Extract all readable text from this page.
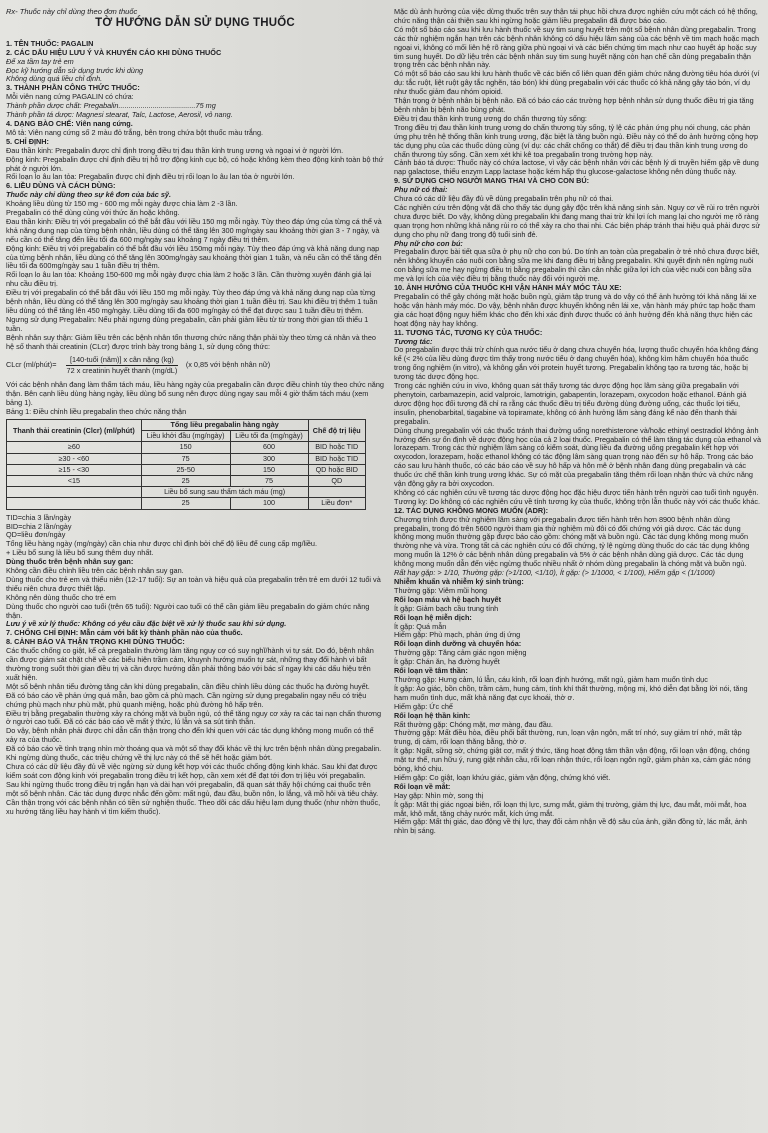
Rx- Thuốc này chỉ dùng theo đơn thuốc

TỜ HƯỚNG DẪN SỬ DỤNG THUỐC

1. TÊN THUỐC: PAGALIN

2. CÁC DẤU HIỆU LƯU Ý VÀ KHUYẾN CÁO KHI DÙNG THUỐC

Để xa tầm tay trẻ em

Đọc kỹ hướng dẫn sử dụng trước khi dùng

Không dùng quá liều chỉ định.

3. THÀNH PHẦN CÔNG THỨC THUỐC:

Mỗi viên nang cứng PAGALIN có chứa:

Thành phần dược chất: Pregabalin......................................75 mg

Thành phần tá dược: Magnesi stearat, Talc, Lactose, Aerosil, vỏ nang.

4. DẠNG BÀO CHẾ: Viên nang cứng.

Mô tả: Viên nang cứng số 2 màu đỏ trắng, bên trong chứa bột thuốc màu trắng.

5. CHỈ ĐỊNH:

Đau thần kinh: Pregabalin được chỉ định trong điều trị đau thần kinh trung ương và ngoại vi ở người lớn.

Động kinh: Pregabalin được chỉ định điều trị hỗ trợ động kinh cục bộ, có hoặc không kèm theo động kinh toàn bộ thứ phát ở người lớn.

Rối loạn lo âu lan tỏa: Pregabalin được chỉ định điều trị rối loạn lo âu lan tỏa ở người lớn.

6. LIỀU DÙNG VÀ CÁCH DÙNG:

Thuốc này chỉ dùng theo sự kê đơn của bác sỹ.

Khoảng liều dùng từ 150 mg - 600 mg mỗi ngày được chia làm 2 -3 lần.

Pregabalin có thể dùng cùng với thức ăn hoặc không.

Đau thần kinh: Điều trị với pregabalin có thể bắt đầu với liều 150 mg mỗi ngày. Tùy theo đáp ứng của từng cá thể và khả năng dung nạp của từng bệnh nhân, liều dùng có thể tăng lên 300 mg/ngày sau khoảng thời gian 3 - 7 ngày, và nếu cần có thể tăng đến liều tối đa 600 mg/ngày sau khoảng 7 ngày điều trị thêm.

Động kinh: Điều trị với pregabalin có thể bắt đầu với liều 150mg mỗi ngày. Tùy theo đáp ứng và khả năng dung nạp của từng bệnh nhân, liều dùng có thể tăng lên 300mg/ngày sau khoảng thời gian 1 tuần, và nếu cần có thể tăng đến liều tối đa 600mg/ngày sau 1 tuần điều trị thêm.

Rối loạn lo âu lan tỏa: Khoảng 150-600 mg mỗi ngày được chia làm 2 hoặc 3 lần. Cần thường xuyên đánh giá lại nhu cầu điều trị.

Điều trị với pregabalin có thể bắt đầu với liều 150 mg mỗi ngày. Tùy theo đáp ứng và khả năng dung nạp của từng bệnh nhân, liều dùng có thể tăng lên 300 mg/ngày sau khoảng thời gian 1 tuần điều trị. Sau khi điều trị thêm 1 tuần liều dùng có thể tăng lên 450 mg/ngày. Liều dùng tối đa 600 mg/ngày có thể đạt được sau 1 tuần điều trị thêm.

Ngưng sử dụng Pregabalin: Nếu phải ngưng dùng pregabalin, cần phải giảm liều từ từ trong thời gian tối thiểu 1 tuần.

Bệnh nhân suy thận: Giảm liều trên các bệnh nhân tổn thương chức năng thận phải tùy theo từng cá nhân và theo hệ số thanh thải creatinin (CLcr) được trình bày trong bảng 1, sử dụng công thức:

CLcr (ml/phút)=	$\frac{\text{[140-tuổi (năm)] x cân nặng (kg)}}{\text{72 x creatinin huyết thanh (mg/dL)}} (x$ 0,85 với bệnh nhân nữ)

Với các bệnh nhân đang làm thẩm tách máu, liều hàng ngày của pregabalin cần được điều chỉnh tùy theo chức năng thận. Bên cạnh liều dùng hàng ngày, liều dùng bổ sung nên được dùng ngay sau mỗi 4 giờ thẩm tách máu (xem bảng 1).

Bảng 1: Điều chỉnh liều pregabalin theo chức năng thận

Thanh thải creatinin (Clcr) (ml/phút)	Tổng liều pregabalin hàng ngày		Chế độ trị liệu
	Liều khởi đầu (mg/ngày)	Liều tối đa (mg/ngày)	
≥60	150	600	BID hoặc TID
≥30 - <60	75	300	BID hoặc TID
≥15 - <30	25-50	150	QD hoặc BID
<15	25	75	QD
	Liều bổ sung sau thẩm tách máu (mg)		
	25	100	Liều đơn*

TID=chia 3 lần/ngày

BID=chia 2 lần/ngày

QD=liều đơn/ngày

Tổng liều hàng ngày (mg/ngày) cần chia như được chỉ định bởi chế độ liều để cung cấp mg/liều.

+ Liều bổ sung là liều bổ sung thêm duy nhất.

Dùng thuốc trên bệnh nhân suy gan:

Không cần điều chỉnh liều trên các bệnh nhân suy gan.

Dùng thuốc cho trẻ em và thiếu niên (12-17 tuổi): Sự an toàn và hiệu quả của pregabalin trên trẻ em dưới 12 tuổi và thiếu niên chưa được thiết lập.

Không nên dùng thuốc cho trẻ em

Dùng thuốc cho người cao tuổi (trên 65 tuổi): Người cao tuổi có thể cần giảm liều pregabalin do giảm chức năng thận.

Lưu ý về xử lý thuốc: Không có yêu cầu đặc biệt về xử lý thuốc sau khi sử dụng.

7. CHỐNG CHỈ ĐỊNH: Mẫn cảm với bất kỳ thành phần nào của thuốc.

8. CẢNH BÁO VÀ THẬN TRỌNG KHI DÙNG THUỐC:

Các thuốc chống co giật, kể cả pregabalin thường làm tăng nguy cơ có suy nghĩ/hành vi tự sát. Do đó, bệnh nhân cần được giám sát chặt chẽ về các biểu hiện trầm cảm, khuynh hướng muốn tự sát, những thay đổi hành vi bất thường trong suốt thời gian điều trị và cần được hướng dẫn phải thông báo với bác sĩ ngay khi các dấu hiệu trên xuất hiện.

Một số bệnh nhân tiểu đường tăng cân khi dùng pregabalin, cần điều chỉnh liều dùng các thuốc hạ đường huyết.

Đã có báo cáo về phản ứng quá mẫn, bao gồm cả phù mạch. Cần ngừng sử dụng pregabalin ngay nếu có triệu chứng phù mạch như phù mặt, phù quanh miệng, hoặc phù đường hô hấp trên.

Điều trị bằng pregabalin thường xảy ra chóng mặt và buồn ngủ, có thể tăng nguy cơ xảy ra các tai nạn chấn thương ở người cao tuổi. Đã có các báo cáo về mất ý thức, lú lẫn và sa sút tinh thần.

Do vậy, bệnh nhân phải được chỉ dẫn cẩn thận trọng cho đến khi quen với các tác dụng không mong muốn có thể xảy ra của thuốc.

Đã có báo cáo về tình trạng nhìn mờ thoáng qua và một số thay đổi khác về thị lực trên bệnh nhân dùng pregabalin. Khi ngừng dùng thuốc, các triệu chứng về thị lực này có thể sẽ hết hoặc giảm bớt.

Chưa có các dữ liệu đầy đủ về việc ngừng sử dụng kết hợp với các thuốc chống động kinh khác. Sau khi đạt được kiểm soát cơn động kinh với pregabalin trong điều trị kết hợp, cần xem xét để đạt tới đơn trị liệu với pregabalin.

Sau khi ngừng thuốc trong điều trị ngắn hạn và dài hạn với pregabalin, đã quan sát thấy hội chứng cai thuốc trên một số bệnh nhân. Các tác dụng được nhắc đến gồm: mất ngủ, đau đầu, buồn nôn, lo lắng, vã mồ hôi và tiêu chảy.

Cần thận trọng với các bệnh nhân có tiền sử nghiện thuốc. Theo dõi các dấu hiệu lạm dụng thuốc (như nhờn thuốc, xu hướng tăng liều hay hành vi tìm kiếm thuốc).

Mặc dù ảnh hưởng của việc dừng thuốc trên suy thận tái phục hồi chưa được nghiên cứu một cách có hệ thống, chức năng thận cải thiện sau khi ngừng hoặc giảm liều pregabalin đã được báo cáo.

Có một số báo cáo sau khi lưu hành thuốc về suy tim sung huyết trên một số bệnh nhân dùng pregabalin. Trong các thử nghiệm ngắn hạn trên các bệnh nhân không có dấu hiệu lâm sàng của các bệnh về tim mạch hoặc mạch ngoại vi, không có mối liên hệ rõ ràng giữa phù ngoại vi và các biến chứng tim mạch như cao huyết áp hoặc suy tim sung huyết. Do dữ liệu trên các bệnh nhân suy tim sung huyết nặng còn hạn chế cần dùng pregabalin thận trọng trên các bệnh nhân này.

Có một số báo cáo sau khi lưu hành thuốc về các biến cố liên quan đến giảm chức năng đường tiêu hóa dưới (ví dụ: tắc ruột, liệt ruột gây tắc nghẽn, táo bón) khi dùng pregabalin với các thuốc có khả năng gây táo bón, ví dụ như thuốc giảm đau nhóm opioid.

Thận trọng ở bệnh nhân bị bệnh não. Đã có báo cáo các trường hợp bệnh nhân sử dụng thuốc điều trị gia tăng bệnh nhân bị bệnh não bùng phát.

Điều trị đau thần kinh trung ương do chấn thương tủy sống:

Trong điều trị đau thần kinh trung ương do chấn thương tủy sống, tỷ lệ các phản ứng phụ nói chung, các phản ứng phụ trên hệ thống thần kinh trung ương, đặc biệt là tăng buồn ngủ. Điều này có thể do ảnh hưởng cộng hợp tác dụng phụ của các thuốc dùng cùng (ví dụ: các chất chống co thắt) để điều trị đau thần kinh trung ương do chấn thương tủy sống. Cần xem xét khi kê toa pregabalin trong trường hợp này.

Cảnh báo tá dược: Thuốc này có chứa lactose, vì vậy các bệnh nhân với các bệnh lý di truyền hiếm gặp về dung nạp galactose, thiếu enzym Lapp lactase hoặc kém hấp thu glucose-galactose không nên dùng thuốc này.

9. SỬ DỤNG CHO NGƯỜI MANG THAI VÀ CHO CON BÚ:

Phụ nữ có thai:

Chưa có các dữ liệu đầy đủ về dùng pregabalin trên phụ nữ có thai.

Các nghiên cứu trên động vật đã cho thấy tác dụng gây độc trên khả năng sinh sản. Nguy cơ về rủi ro trên người chưa được biết. Do vậy, không dùng pregabalin khi đang mang thai trừ khi lợi ích mang lại cho người mẹ rõ ràng quan trọng hơn những khả năng rủi ro có thể xảy ra cho thai nhi. Các biện pháp tránh thai hiệu quả phải được sử dụng cho phụ nữ đang trong độ tuổi sinh đẻ.

Phụ nữ cho con bú:

Pregabalin được bài tiết qua sữa ở phụ nữ cho con bú. Do tính an toàn của pregabalin ở trẻ nhỏ chưa được biết, nên không khuyến cáo nuôi con bằng sữa mẹ khi đang điều trị bằng pregabalin. Khi quyết định nên ngừng nuôi con bằng sữa mẹ hay ngừng điều trị bằng pregabalin thì cần cân nhắc giữa lợi ích của việc nuôi con bằng sữa mẹ và lợi ích của việc điều trị bằng thuốc này đối với người mẹ.

10. ẢNH HƯỞNG CỦA THUỐC KHI VẬN HÀNH MÁY MÓC TÀU XE:

Pregabalin có thể gây chóng mặt hoặc buồn ngủ, giảm tập trung và do vậy có thể ảnh hưởng tới khả năng lái xe hoặc vận hành máy móc. Do vậy, bệnh nhân được khuyến không nên lái xe, vận hành máy phức tạp hoặc tham gia các hoạt động nguy hiểm khác cho đến khi xác định được thuốc có ảnh hưởng đến khả năng thực hiện các hoạt động này hay không.

11. TƯƠNG TÁC, TƯƠNG KỴ CỦA THUỐC:

Tương tác:

Do pregabalin được thải trừ chính qua nước tiểu ở dạng chưa chuyển hóa, lượng thuốc chuyển hóa không đáng kể (< 2% của liều dùng được tìm thấy trong nước tiểu ở dạng chuyển hóa), không kìm hãm chuyển hóa thuốc trong ống nghiệm (in vitro), và không gắn với protein huyết tương. Pregabalin không tạo ra tương tác, hoặc bị tương tác dược động học.

Trong các nghiên cứu in vivo, không quan sát thấy tương tác dược động học lâm sàng giữa pregabalin với phenytoin, carbamazepin, acid valproic, lamotrigin, gabapentin, lorazepam, oxycodon hoặc ethanol. Đánh giá dược động học đối tượng đã chỉ ra rằng các thuốc điều trị tiểu đường dùng đường uống, các thuốc lợi tiểu, insulin, phenobarbital, tiagabine và topiramate, không có ảnh hưởng lâm sàng đáng kể nào đến thanh thải pregabalin.

Dùng chung pregabalin với các thuốc tránh thai đường uống norethisterone và/hoặc ethinyl oestradiol không ảnh hưởng đến sự ổn định về dược động học của cả 2 loại thuốc. Pregabalin có thể làm tăng tác dụng của ethanol và lorazepam. Trong các thử nghiệm lâm sàng có kiểm soát, dùng liều đa đường uống pregabalin kết hợp với oxycodon, lorazepam, hoặc ethanol không có tác động lâm sàng quan trọng nào đến sự hô hấp. Trong các báo cáo sau lưu hành thuốc, có các báo cáo về suy hô hấp và hôn mê ở bệnh nhân đang dùng pregabalin và các thuốc ức chế thần kinh trung ương khác. Sự có mặt của pregabalin tăng thêm rối loạn nhận thức và chức năng vận động gây ra bởi oxycodon.

Không có các nghiên cứu về tương tác dược động học đặc hiệu được tiến hành trên người cao tuổi tình nguyện.

Tương kỵ: Do không có các nghiên cứu về tính tương kỵ của thuốc, không trộn lẫn thuốc này với các thuốc khác.

12. TÁC DỤNG KHÔNG MONG MUỐN (ADR):

Chương trình được thử nghiệm lâm sàng với pregabalin được tiến hành trên hơn 8900 bệnh nhân dùng pregabalin, trong đó trên 5600 người tham gia thử nghiệm mù đôi có đối chứng với giả dược. Các tác dụng không mong muốn thường gặp được báo cáo gồm: chóng mặt và buồn ngủ. Các tác dụng không mong muốn thường nhẹ và vừa. Trong tất cả các nghiên cứu có đối chứng, tỷ lệ ngừng dùng thuốc do các tác dụng không mong muốn là 12% ở các bệnh nhân dùng pregabalin và 5% ở các bệnh nhân dùng giả dược. Các tác dụng không mong muốn dẫn đến việc ngừng thuốc nhiều nhất ở nhóm dùng pregabalin là chóng mặt và buồn ngủ.

Rất hay gặp: > 1/10, Thường gặp: (>1/100, <1/10), Ít gặp: (> 1/1000, < 1/100), Hiếm gặp < (1/1000)

Nhiễm khuẩn và nhiễm ký sinh trùng:

Thường gặp: Viêm mũi họng

Rối loạn máu và hệ bạch huyết

Ít gặp: Giảm bạch cầu trung tính

Rối loạn hệ miễn dịch:

Ít gặp: Quá mẫn

Hiếm gặp: Phù mạch, phản ứng dị ứng

Rối loạn dinh dưỡng và chuyển hóa:

Thường gặp: Tăng cảm giác ngon miệng

Ít gặp: Chán ăn, hạ đường huyết

Rối loạn về tâm thần:

Thường gặp: Hưng cảm, lú lẫn, cáu kỉnh, rối loạn định hướng, mất ngủ, giảm ham muốn tình dục

Ít gặp: Ảo giác, bồn chồn, trầm cảm, hung cảm, tính khí thất thường, mộng mị, khó diễn đạt bằng lời nói, tăng ham muốn tình dục, mất khả năng đạt cực khoái, thờ ơ.

Hiếm gặp: Ức chế

Rối loạn hệ thần kinh:

Rất thường gặp: Chóng mặt, mơ màng, đau đầu.

Thường gặp: Mất điều hòa, điều phối bất thường, run, loạn vận ngôn, mất trí nhớ, suy giảm trí nhớ, mất tập trung, dị cảm, rối loạn thăng bằng, thờ ơ.

Ít gặp: Ngất, sững sờ, chứng giật cơ, mất ý thức, tăng hoạt động tâm thần vận động, rối loạn vận động, chóng mặt tư thế, run hữu ý, rung giật nhãn cầu, rối loạn nhận thức, rối loạn ngôn ngữ, giảm phản xạ, cảm giác nóng bỏng, khó chịu.

Hiếm gặp: Co giật, loạn khứu giác, giảm vận động, chứng khó viết.

Rối loạn về mắt:

Hay gặp: Nhìn mờ, song thị

Ít gặp: Mất thị giác ngoại biên, rối loạn thị lực, sưng mắt, giảm thị trường, giảm thị lực, đau mắt, mỏi mắt, hoa mắt, khô mắt, tăng chảy nước mắt, kích ứng mắt.

Hiếm gặp: Mất thị giác, dao động về thị lực, thay đổi cảm nhận về độ sâu của ảnh, giãn đồng tử, lác mắt, ảnh nhìn bị sáng.
